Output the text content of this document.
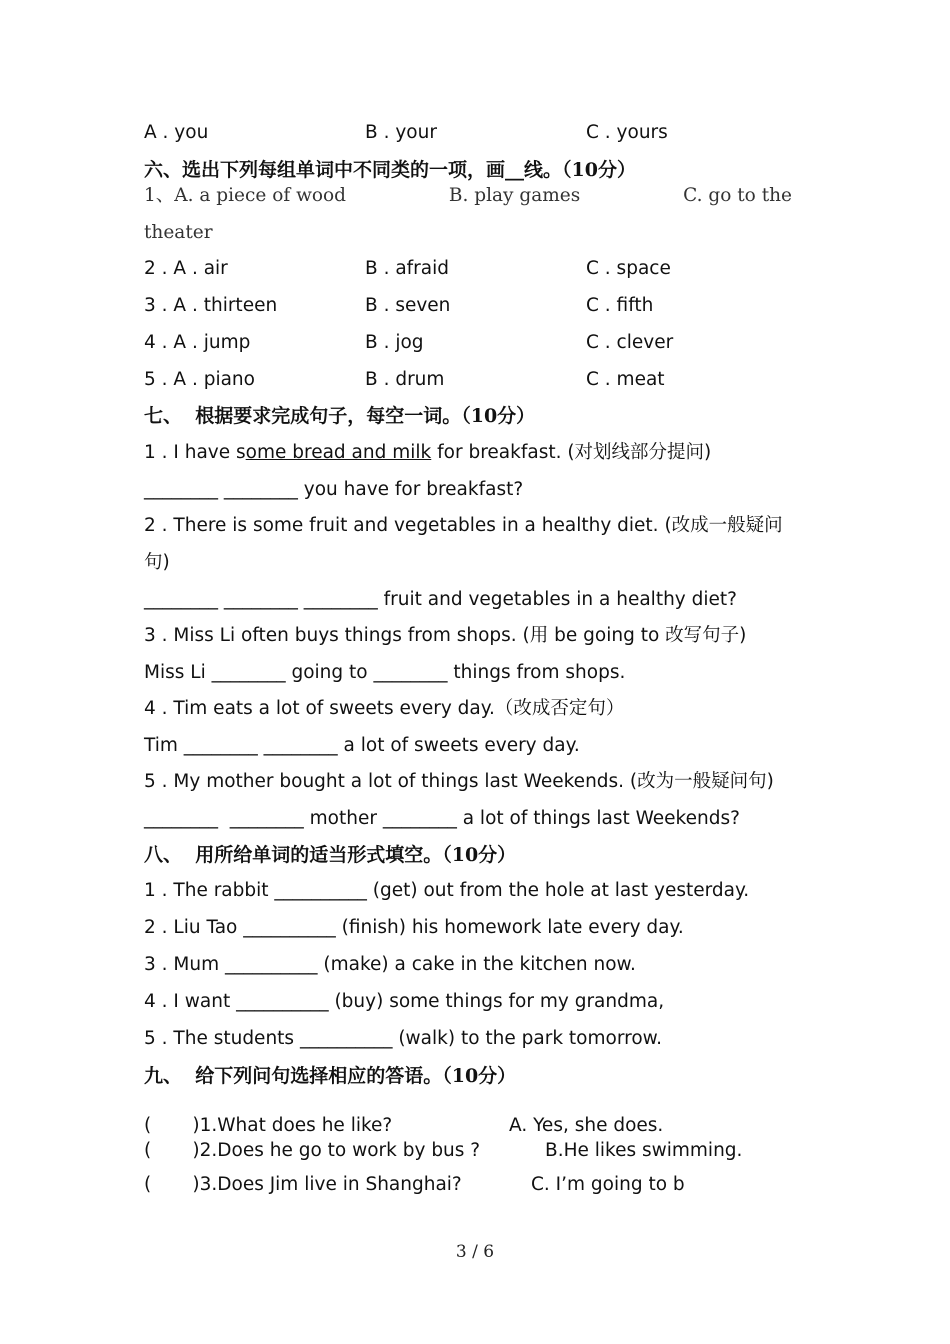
A . you	B . your	C . yours
六、选出下列每组单词中不同类的一项，画__线。（10分）
1、A. a piece of wood	B. play games	C. go to the
theater
2 . A . air	B . afraid	C . space
3 . A . thirteen	B . seven	C . fifth
4 . A . jump	B . jog	C . clever
5 . A . piano	B . drum	C . meat
七、  根据要求完成句子，每空一词。（10分）
1 . I have some bread and milk for breakfast. (对划线部分提问)
________ ________ you have for breakfast?
2 . There is some fruit and vegetables in a healthy diet. (改成一般疑问
句)
________ ________ ________ fruit and vegetables in a healthy diet?
3 . Miss Li often buys things from shops. (用 be going to 改写句子)
Miss Li ________ going to ________ things from shops.
4 . Tim eats a lot of sweets every day.（改成否定句）
Tim ________ ________ a lot of sweets every day.
5 . My mother bought a lot of things last Weekends. (改为一般疑问句)
________  ________ mother ________ a lot of things last Weekends?
八、  用所给单词的适当形式填空。（10分）
1 . The rabbit __________ (get) out from the hole at last yesterday.
2 . Liu Tao __________ (finish) his homework late every day.
3 . Mum __________ (make) a cake in the kitchen now.
4 . I want __________ (buy) some things for my grandma,
5 . The students __________ (walk) to the park tomorrow.
九、  给下列问句选择相应的答语。（10分）
(       )1.What does he like?	A. Yes, she does.
(       )2.Does he go to work by bus ?	B.He likes swimming.
(       )3.Does Jim live in Shanghai?	C. I’m going to b
3 / 6
